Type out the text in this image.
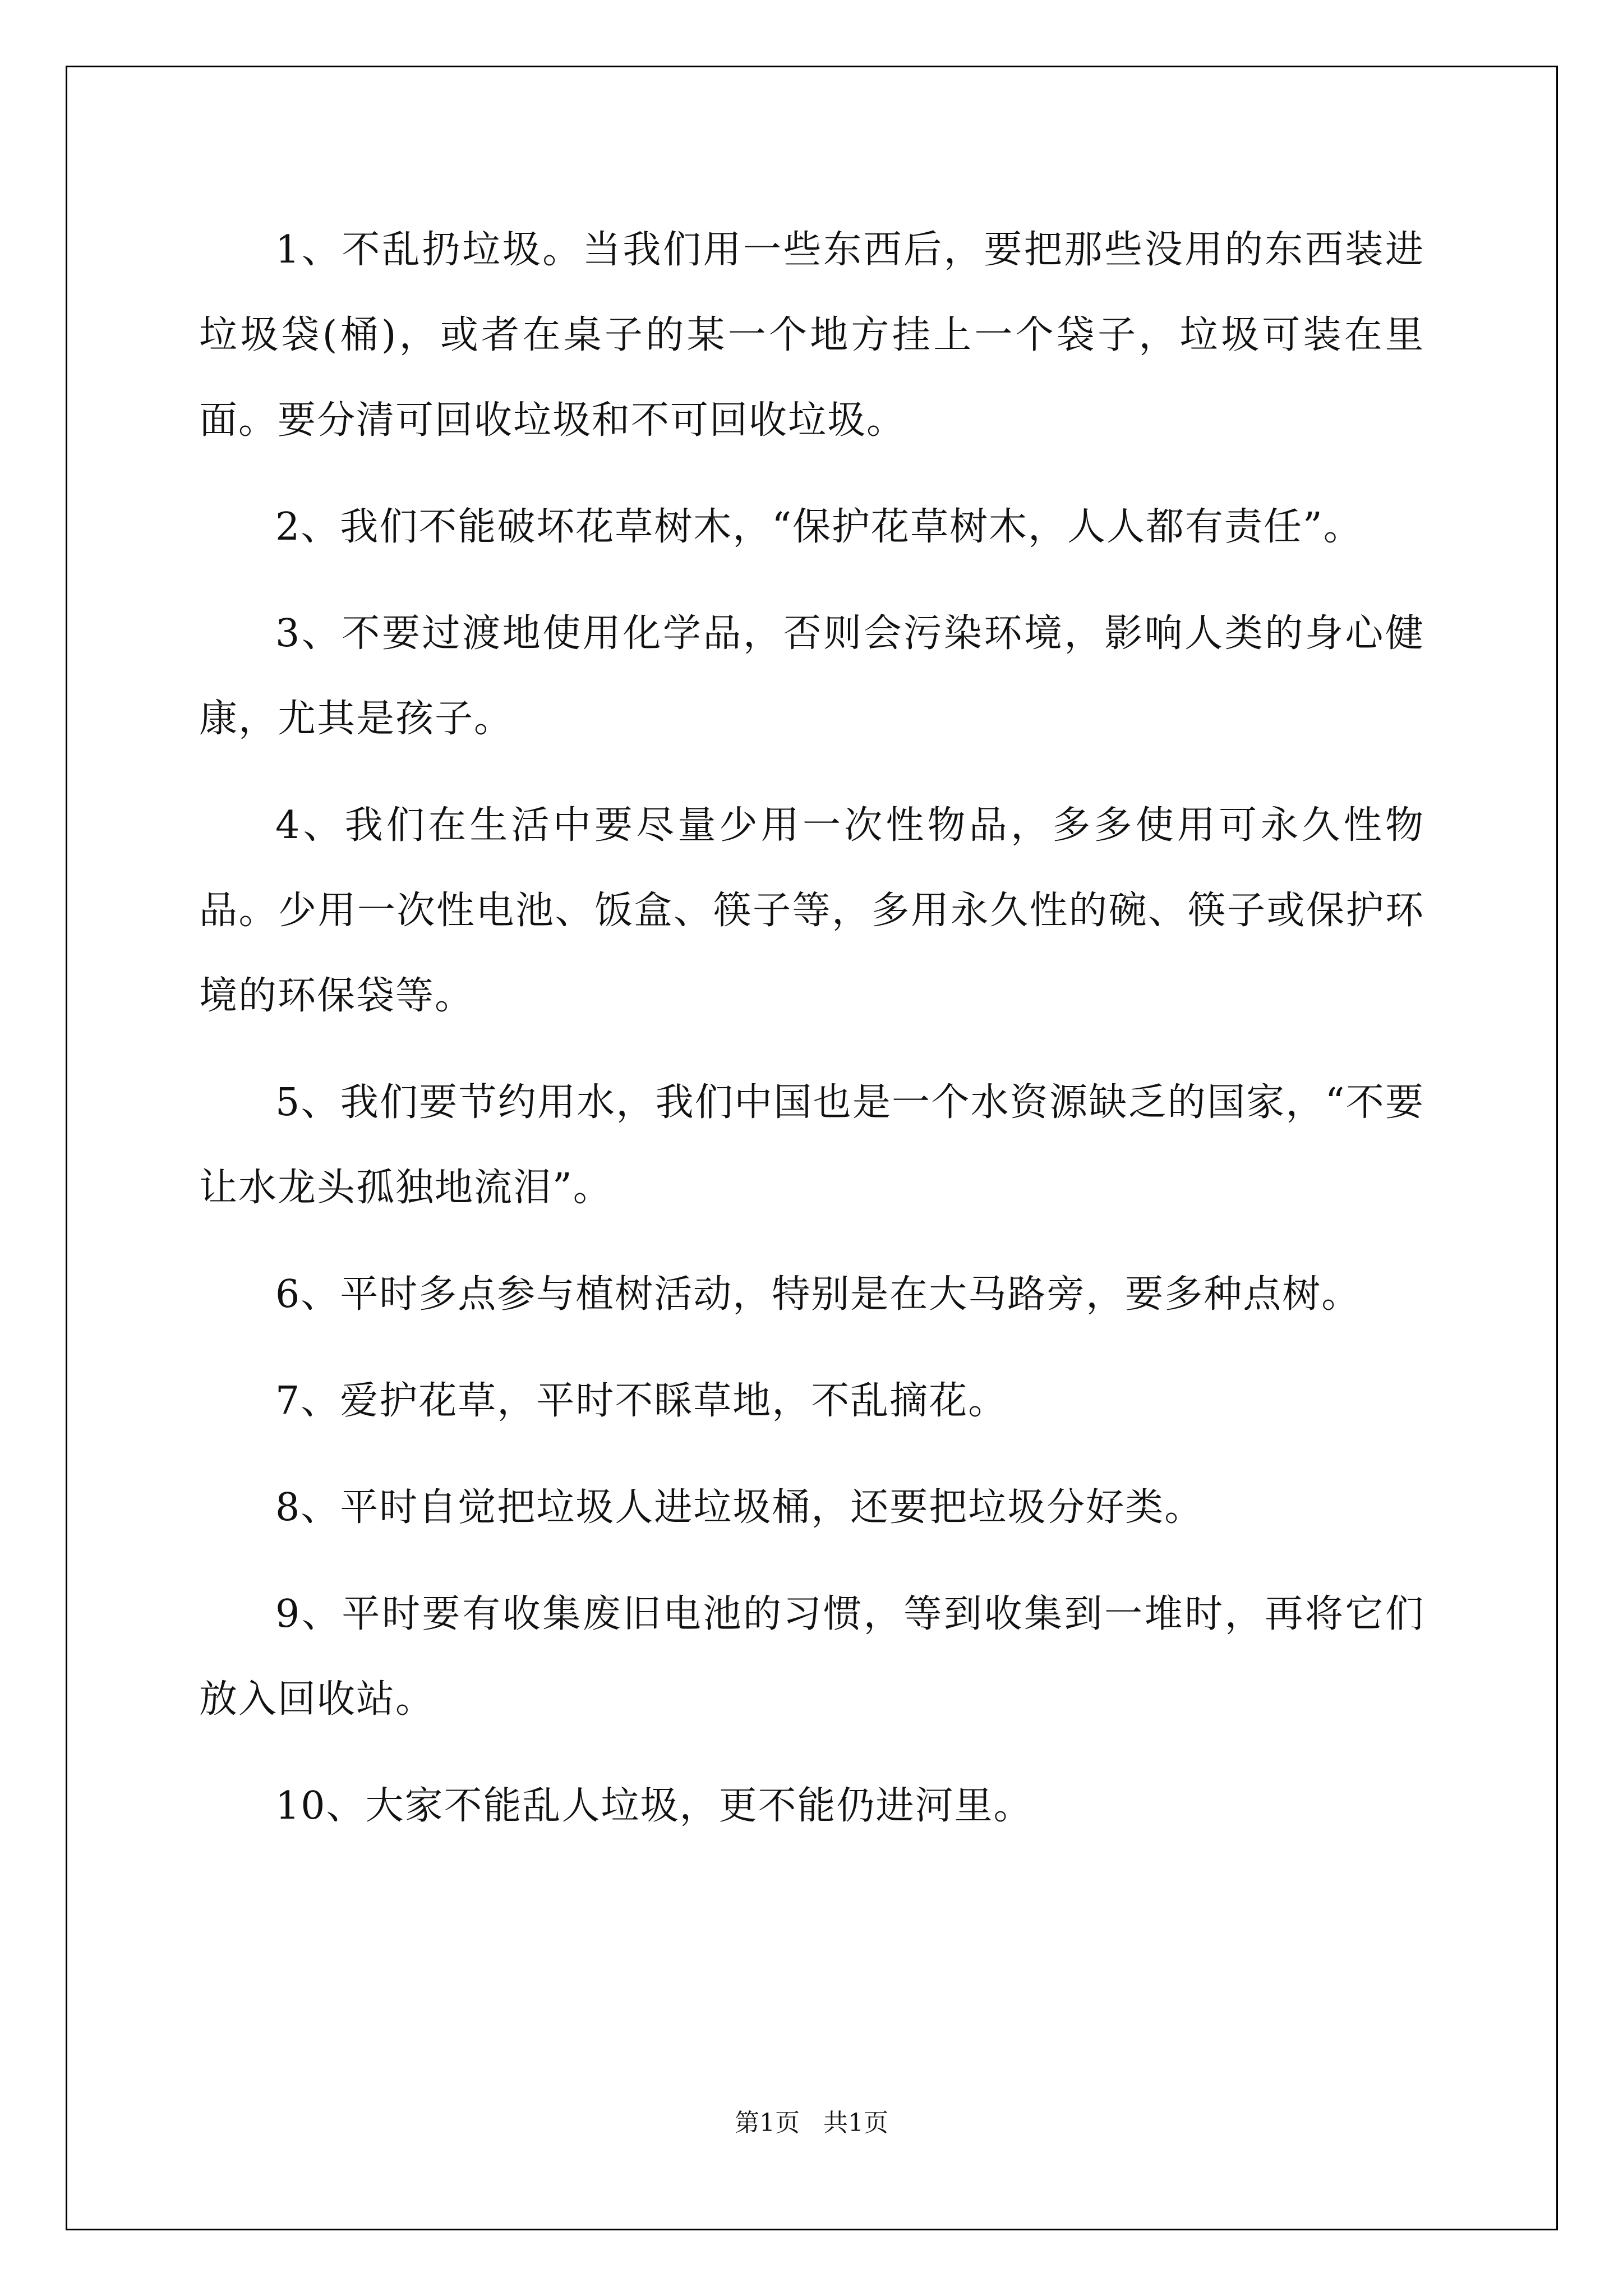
1、不乱扔垃圾。当我们用一些东西后，要把那些没用的东西装进垃圾袋(桶)，或者在桌子的某一个地方挂上一个袋子，垃圾可装在里面。要分清可回收垃圾和不可回收垃圾。

2、我们不能破坏花草树木，“保护花草树木，人人都有责任”。

3、不要过渡地使用化学品，否则会污染环境，影响人类的身心健康，尤其是孩子。

4、我们在生活中要尽量少用一次性物品，多多使用可永久性物品。少用一次性电池、饭盒、筷子等，多用永久性的碗、筷子或保护环境的环保袋等。

5、我们要节约用水，我们中国也是一个水资源缺乏的国家，“不要让水龙头孤独地流泪”。

6、平时多点参与植树活动，特别是在大马路旁，要多种点树。

7、爱护花草，平时不睬草地，不乱摘花。

8、平时自觉把垃圾人进垃圾桶，还要把垃圾分好类。

9、平时要有收集废旧电池的习惯，等到收集到一堆时，再将它们放入回收站。

10、大家不能乱人垃圾，更不能仍进河里。

第1页 共1页
